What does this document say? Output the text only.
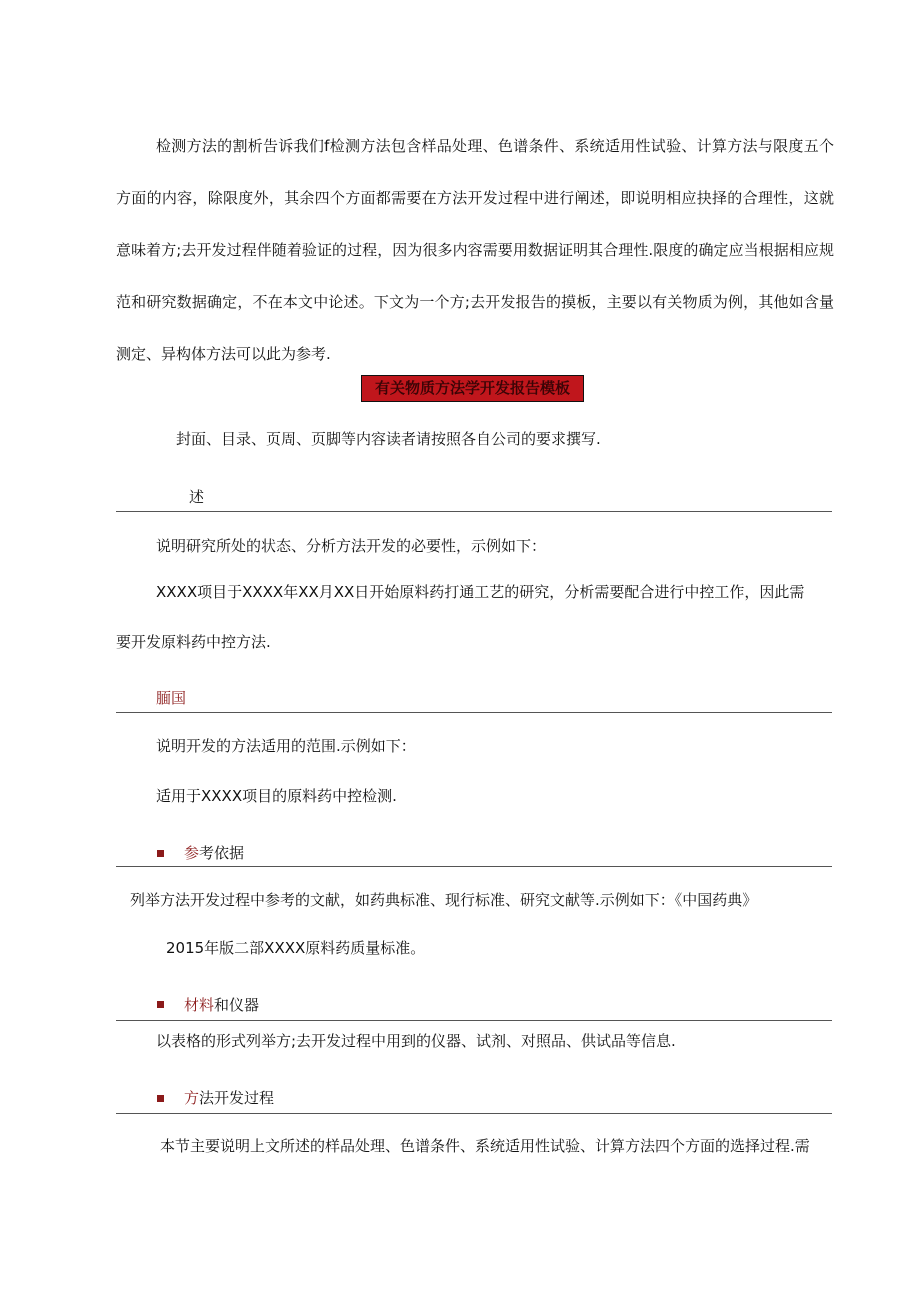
检测方法的割析告诉我们f检测方法包含样品处理、色谱条件、系统适用性试验、计算方法与限度五个方面的内容，除限度外，其余四个方面都需要在方法开发过程中进行阐述，即说明相应抉择的合理性，这就意味着方;去开发过程伴随着验证的过程，因为很多内容需要用数据证明其合理性.限度的确定应当根据相应规范和研究数据确定，不在本文中论述。下文为一个方;去开发报告的摸板，主要以有关物质为例，其他如含量测定、异构体方法可以此为参考.

有关物质方法学开发报告模板

封面、目录、页周、页脚等内容读者请按照各自公司的要求撰写.

述

说明研究所处的状态、分析方法开发的必要性，示例如下：

XXXX项目于XXXX年XX月XX日开始原料药打通工艺的研究，分析需要配合进行中控工作，因此需

要开发原料药中控方法.

腼国

说明开发的方法适用的范围.示例如下：

适用于XXXX项目的原料药中控检测.

参考依据

列举方法开发过程中参考的文献，如药典标准、现行标准、研究文献等.示例如下：《中国药典》

2015年版二部XXXX原料药质量标准。

材料和仪器

以表格的形式列举方;去开发过程中用到的仪器、试剂、对照品、供试品等信息.

方法开发过程

本节主要说明上文所述的样品处理、色谱条件、系统适用性试验、计算方法四个方面的选择过程.需
